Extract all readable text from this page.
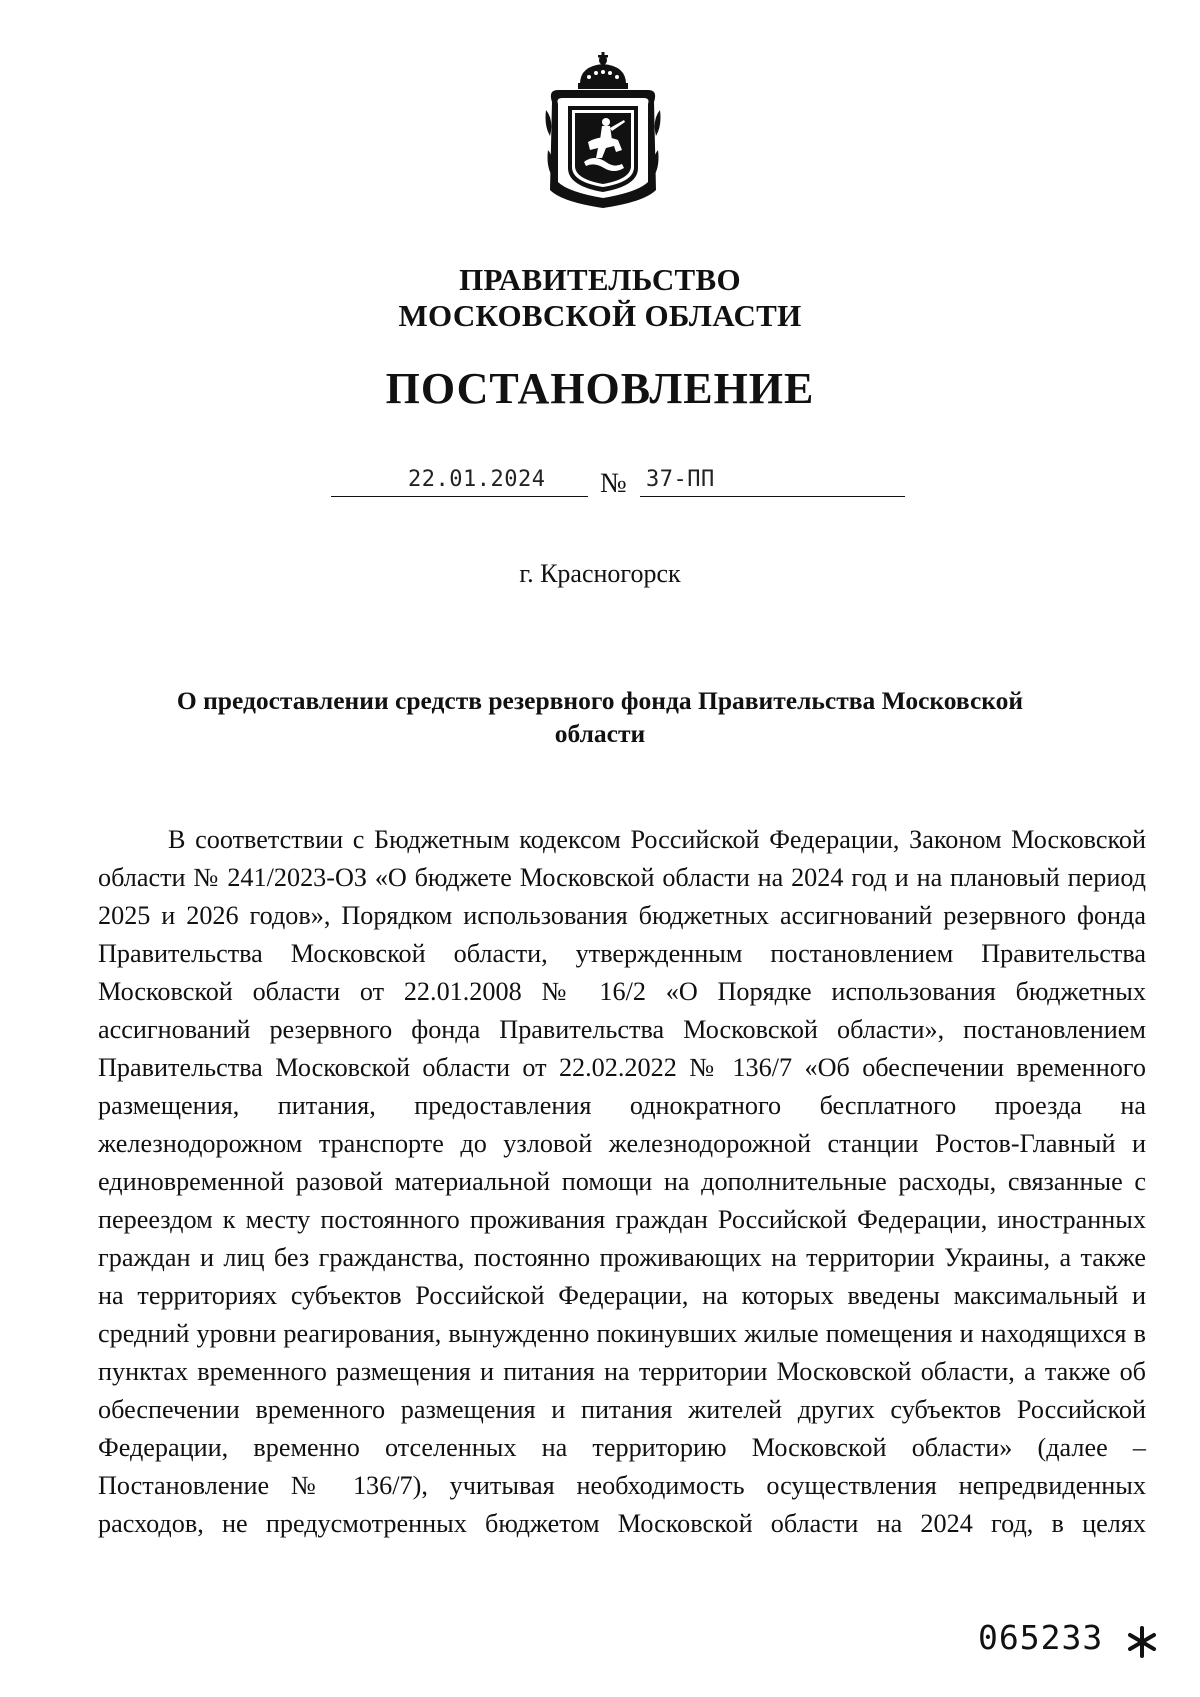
ПРАВИТЕЛЬСТВО
МОСКОВСКОЙ ОБЛАСТИ
ПОСТАНОВЛЕНИЕ
22.01.2024 № 37-ПП
г. Красногорск
О предоставлении средств резервного фонда Правительства Московской области

В соответствии с Бюджетным кодексом Российской Федерации, Законом Московской области № 241/2023-ОЗ «О бюджете Московской области на 2024 год и на плановый период 2025 и 2026 годов», Порядком использования бюджетных ассигнований резервного фонда Правительства Московской области, утвержденным постановлением Правительства Московской области от 22.01.2008 № 16/2 «О Порядке использования бюджетных ассигнований резервного фонда Правительства Московской области», постановлением Правительства Московской области от 22.02.2022 № 136/7 «Об обеспечении временного размещения, питания, предоставления однократного бесплатного проезда на железнодорожном транспорте до узловой железнодорожной станции Ростов-Главный и единовременной разовой материальной помощи на дополнительные расходы, связанные с переездом к месту постоянного проживания граждан Российской Федерации, иностранных граждан и лиц без гражданства, постоянно проживающих на территории Украины, а также на территориях субъектов Российской Федерации, на которых введены максимальный и средний уровни реагирования, вынужденно покинувших жилые помещения и находящихся в пунктах временного размещения и питания на территории Московской области, а также об обеспечении временного размещения и питания жителей других субъектов Российской Федерации, временно отселенных на территорию Московской области» (далее – Постановление № 136/7), учитывая необходимость осуществления непредвиденных расходов, не предусмотренных бюджетом Московской области на 2024 год, в целях

065233
